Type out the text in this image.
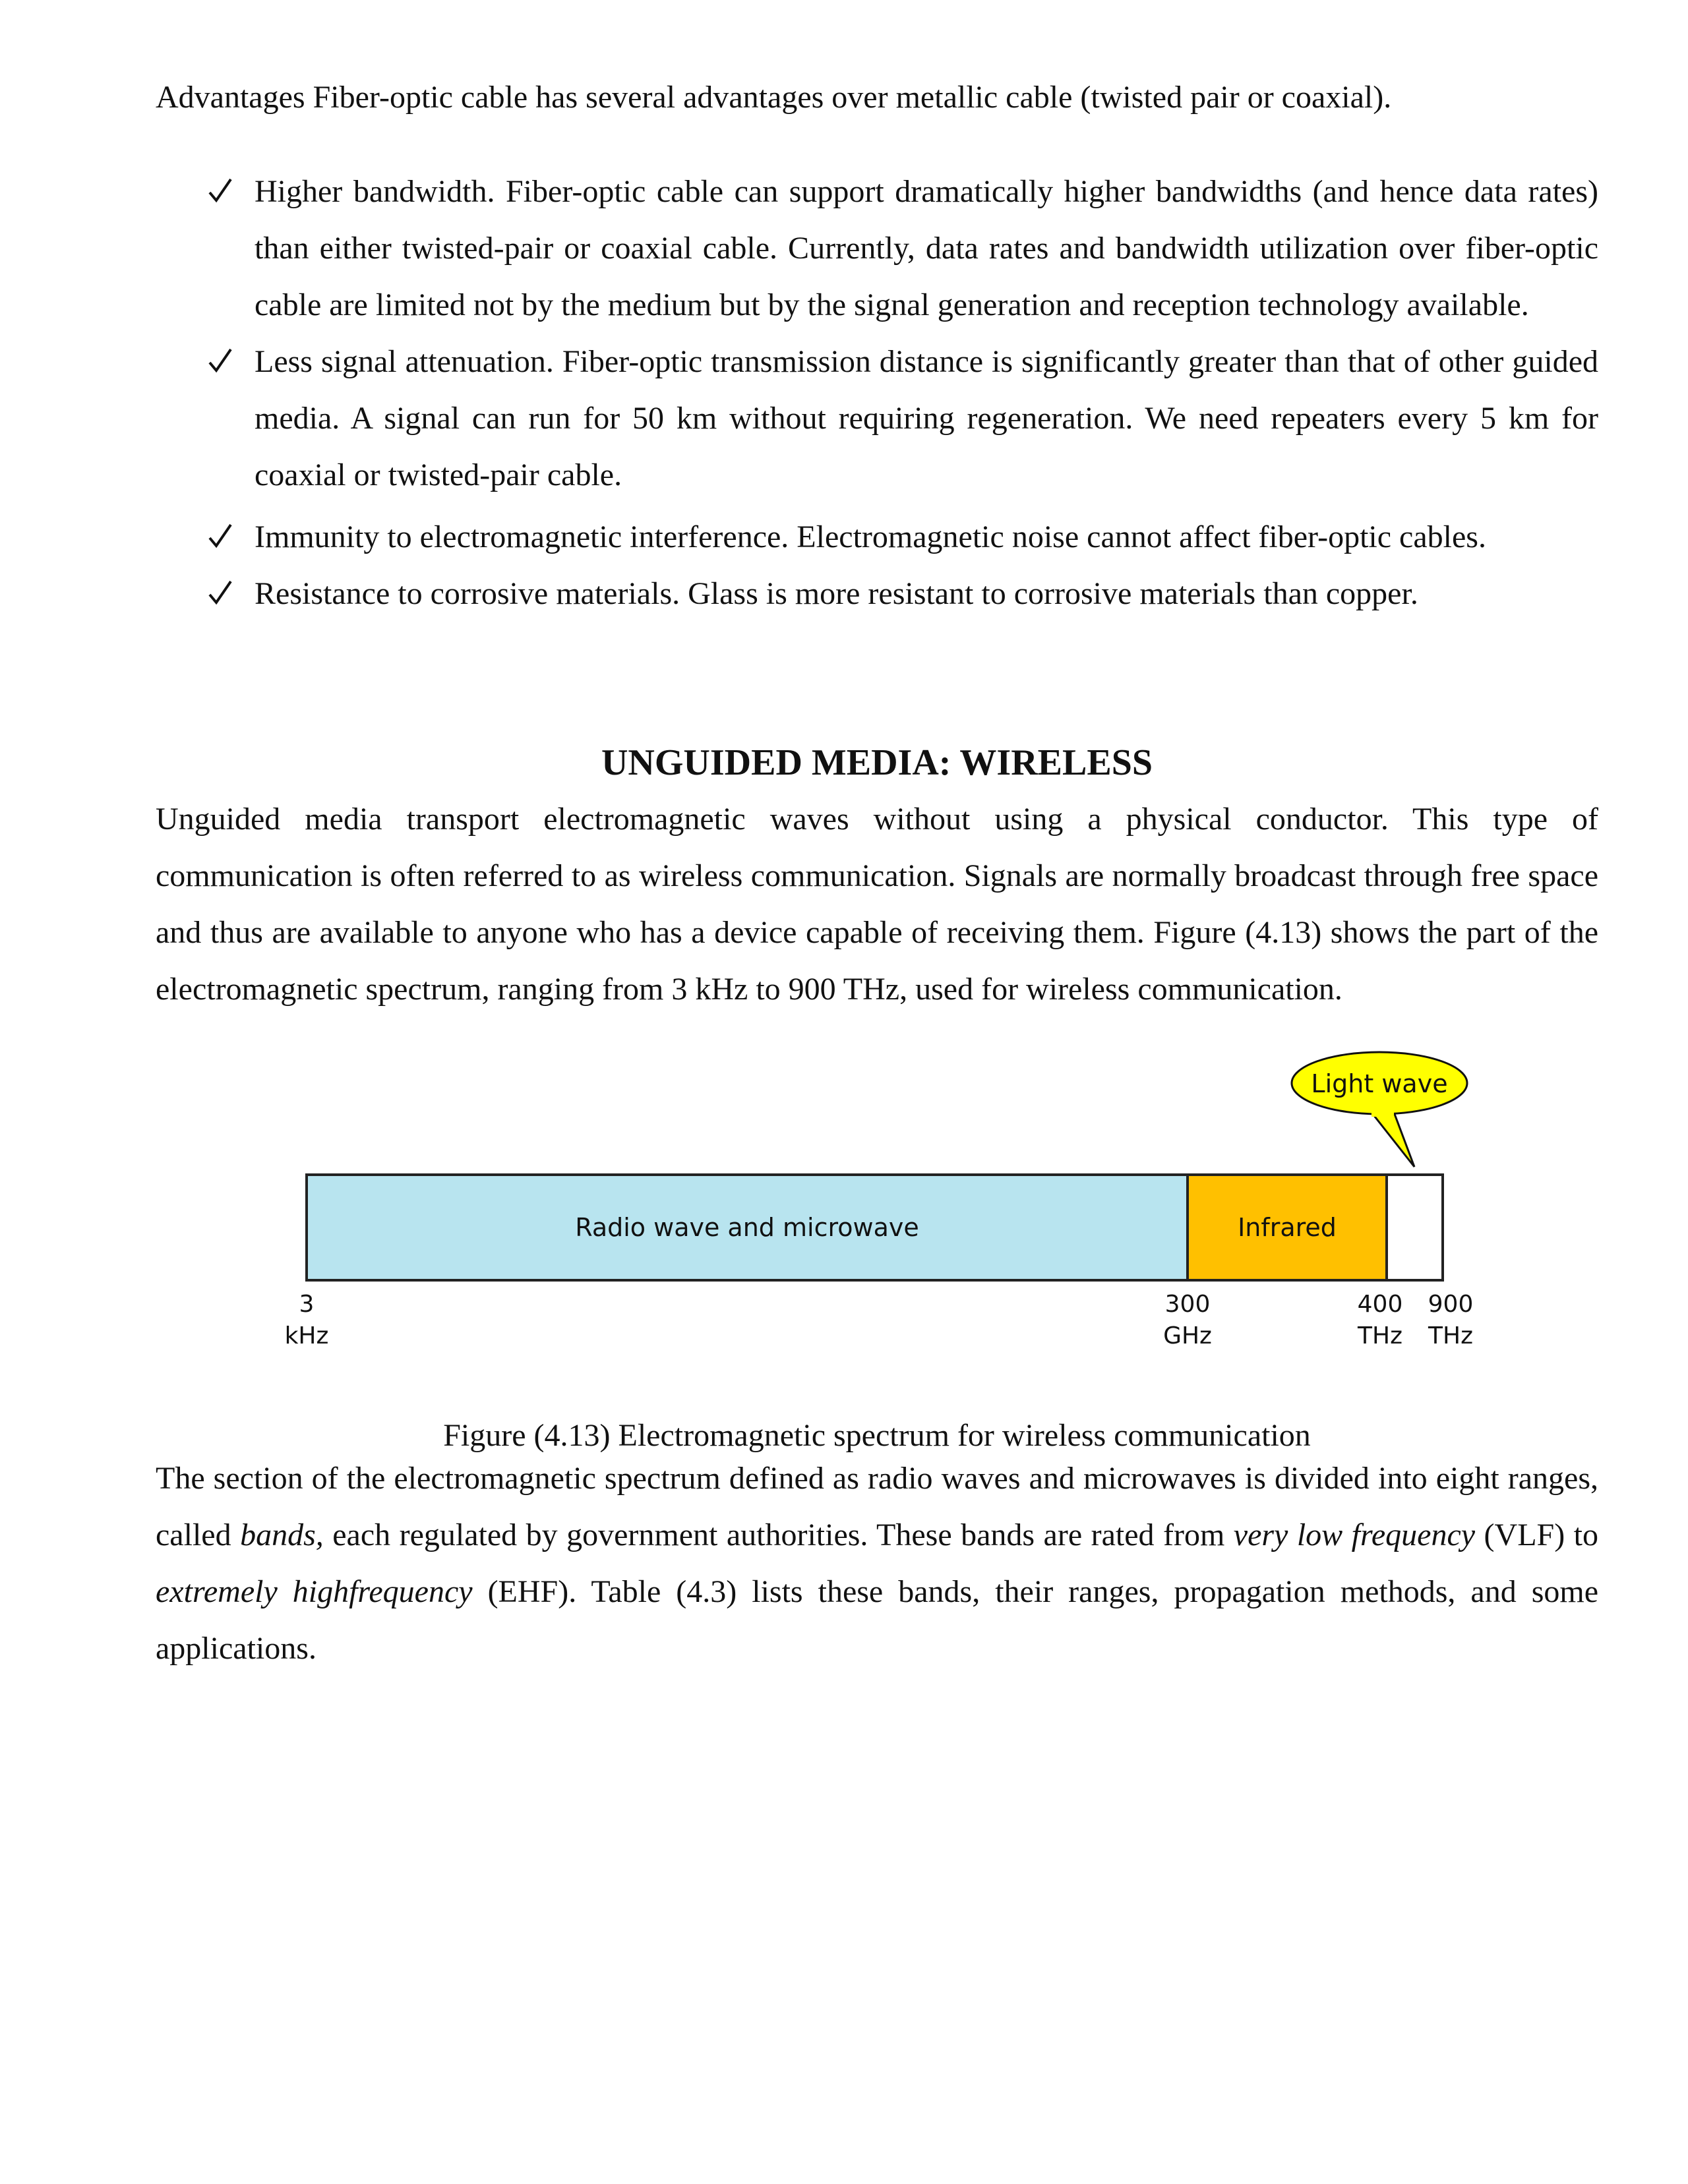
Advantages Fiber-optic cable has several advantages over metallic cable (twisted pair or coaxial).

Higher bandwidth. Fiber-optic cable can support dramatically higher bandwidths (and hence data rates) than either twisted-pair or coaxial cable. Currently, data rates and bandwidth utilization over fiber-optic cable are limited not by the medium but by the signal generation and reception technology available.
Less signal attenuation. Fiber-optic transmission distance is significantly greater than that of other guided media. A signal can run for 50 km without requiring regeneration. We need repeaters every 5 km for coaxial or twisted-pair cable.
Immunity to electromagnetic interference. Electromagnetic noise cannot affect fiber-optic cables.
Resistance to corrosive materials. Glass is more resistant to corrosive materials than copper.
UNGUIDED MEDIA: WIRELESS

Unguided media transport electromagnetic waves without using a physical conductor. This type of communication is often referred to as wireless communication. Signals are normally broadcast through free space and thus are available to anyone who has a device capable of receiving them. Figure (4.13) shows the part of the electromagnetic spectrum, ranging from 3 kHz to 900 THz, used for wireless communication.

Figure (4.13) Electromagnetic spectrum for wireless communication

The section of the electromagnetic spectrum defined as radio waves and microwaves is divided into eight ranges, called bands, each regulated by government authorities. These bands are rated from very low frequency (VLF) to extremely highfrequency (EHF). Table (4.3) lists these bands, their ranges, propagation methods, and some applications.

Light wave
Radio wave and microwave	Infrared
3
kHz
300
GHz
400
THz
900
THz
